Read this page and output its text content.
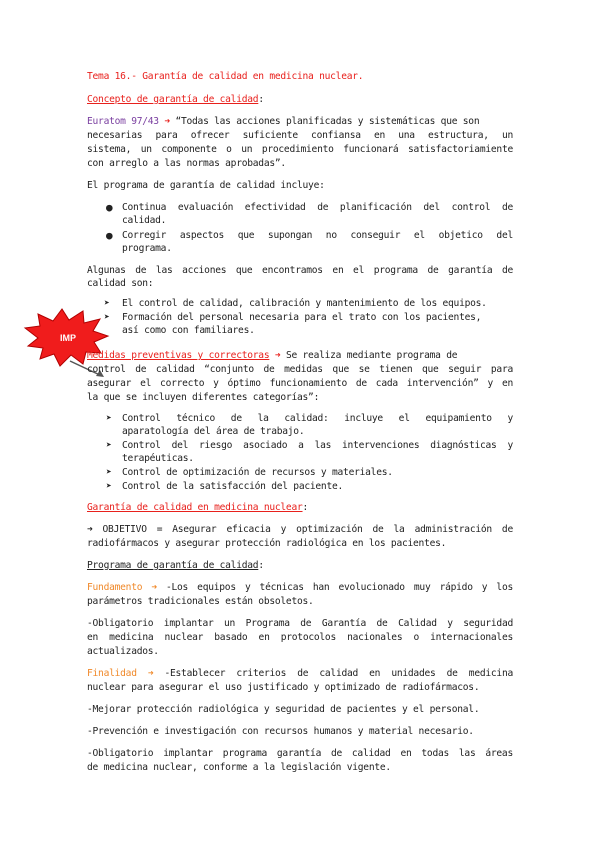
Tema 16.- Garantía de calidad en medicina nuclear.
Concepto de garantía de calidad:
Euratom 97/43 ➜ “Todas las acciones planificadas y sistemáticas que son
necesarias para ofrecer suficiente confiansa en una estructura, un
sistema, un componente o un procedimiento funcionará satisfactoriamiente
con arreglo a las normas aprobadas”.
El programa de garantía de calidad incluye:
● Continua evaluación efectividad de planificación del control de
calidad.
● Corregir aspectos que supongan no conseguir el objetico del
programa.
Algunas de las acciones que encontramos en el programa de garantía de
calidad son:
➤ El control de calidad, calibración y mantenimiento de los equipos.
➤ Formación del personal necesaria para el trato con los pacientes,
así como con familiares.
IMP
Medidas preventivas y correctoras ➜ Se realiza mediante programa de
control de calidad “conjunto de medidas que se tienen que seguir para
asegurar el correcto y óptimo funcionamiento de cada intervención” y en
la que se incluyen diferentes categorías”:
➤ Control técnico de la calidad: incluye el equipamiento y
aparatología del área de trabajo.
➤ Control del riesgo asociado a las intervenciones diagnósticas y
terapéuticas.
➤ Control de optimización de recursos y materiales.
➤ Control de la satisfacción del paciente.
Garantía de calidad en medicina nuclear:
➜ OBJETIVO = Asegurar eficacia y optimización de la administración de
radiofármacos y asegurar protección radiológica en los pacientes.
Programa de garantía de calidad:
Fundamento ➜ -Los equipos y técnicas han evolucionado muy rápido y los
parámetros tradicionales están obsoletos.
-Obligatorio implantar un Programa de Garantía de Calidad y seguridad
en medicina nuclear basado en protocolos nacionales o internacionales
actualizados.
Finalidad ➜ -Establecer criterios de calidad en unidades de medicina
nuclear para asegurar el uso justificado y optimizado de radiofármacos.
-Mejorar protección radiológica y seguridad de pacientes y el personal.
-Prevención e investigación con recursos humanos y material necesario.
-Obligatorio implantar programa garantía de calidad en todas las áreas
de medicina nuclear, conforme a la legislación vigente.
